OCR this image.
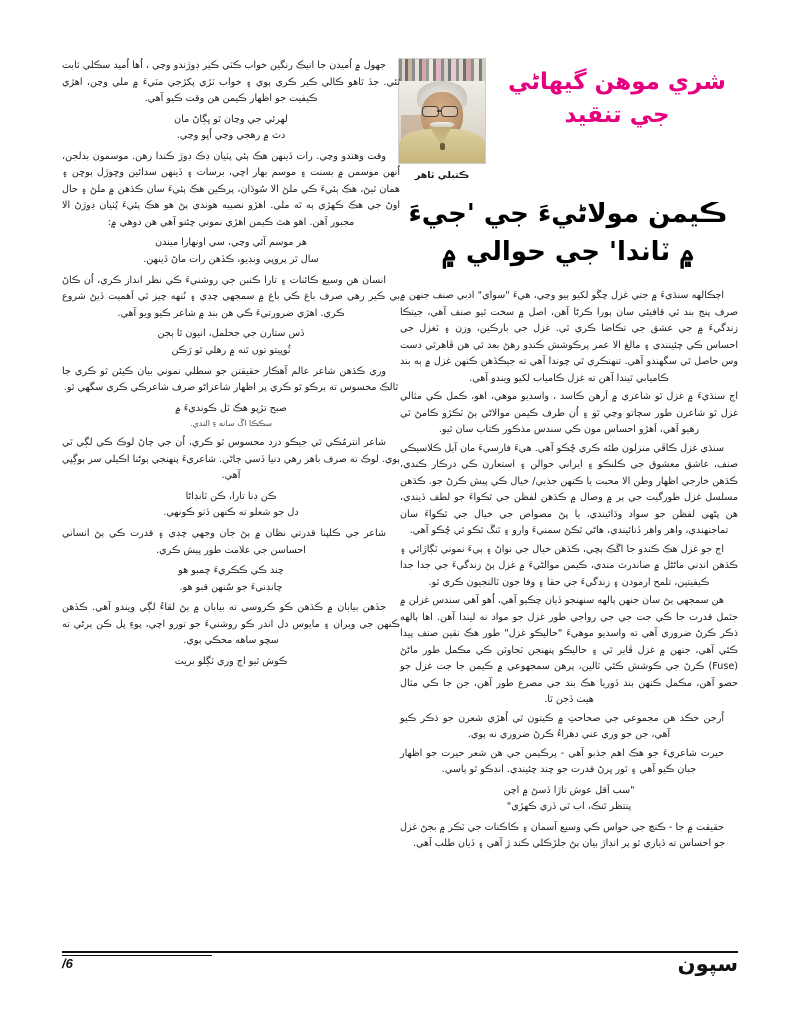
ڪتبلي ٽاهر
شري موهن گيهاڻي
جي تنقيد
ڪيمن مولاڻيءَ جي 'جيءَ
۾ ٽاندا' جي حوالي ۾

جهول ۾ اُميدن جا انيڪ رنگين خواب ڪٽي ڪير ڊوڙندو وڃي ، اُها اُميد سڪلي ثابت ٿئي. جڏ ٿاهو ڪالي ڪير ڪري ٻوي ۽ خواب ٽڙي پکڙجي مٽيءَ ۾ ملي وڃن، اهڙي ڪيفيت جو اظهار ڪيمن هن وقت ڪيو آهي.

لهرئي جي وڃان ٿو ڀڳاڻ مان
دٽ ۾ رهجي وڃي اُڀو وڃي.

وقت وهندو وڃي. رات ڏينهن هڪ ٻئي پٺيان ڊڪ ڊوڙ ڪندا رهن. موسمون بدلجن، اُنهن موسمن ۾ بسنت ۽ موسم بهار اچي، برسات ۽ ڏينهن سدائين وڇوڙل ٻوڇن ۽ همان ٿيڻ، هڪ ٻئيءَ ڪي ملڻ الا سُوڌان، پرڪين هڪ ٻئيءَ سان ڪڌهن ۾ ملڻ ۽ حال اوڻ جي هڪ ڪهڙي ٻه ٿه ملي. اهڙو نصيبه هوندي ٻڻ هو هڪ ٻئيءَ پُٺيان ڊوڙڻ الا مجبور آهن. اهو هٿ ڪيمن اهڙي نموني چئنو آهي هن دوهي ۾:

هر موسم آئي وڃي، سي اونهارا ميندن
سال ٿر پروڀي ونڊيو، ڪڏهن رات ماڻ ڏينهن.

انسان هن وسيع ڪائنات ۽ تارا ڪنبن جي روشنيءَ ڪي نظر انداز ڪري، اُن ڪاڻ بي ڪير رهي صرف باغ ڪي باغ ۾ سمجهي چڊي ۽ نُنهه چيز ٿي اَهميت ڏيڻ شروع ڪري. اهڙي ضرورتيءَ ڪي هن بند ۾ شاعر ڪيو ويو آهي.

ڏس ستارن جي جحلمل، انيون ٿا ٻجن
ٽُوڀيتو توں ٿنه ۾ رهلي ٿو رَڪن

وري ڪڌهن شاعر عالم آهڪار حقيقتن جو سطلي نموني بيان ڪيئن ٿو ڪري جا ٿالڪ محسوس ته ٻرڪو ٿو ڪري پر اظهار شاعراڻو صرف شاعرڪي ڪري سگهي ٿو.

صبح تڙپو هڪ ٽل ڪونديءَ ۾
سڪڪا اڱ سانه ءِ الندي.

شاعر انترمُڪي ٿي جيڪو درد محسوس ٿو ڪري، اُن جي ڄاڻ لوڪ ڪي لڳي ٿي ٻوي. لوڪ ته صرف باهر رهي دنيا ڏسي ڄاڻي. شاعريءَ پنهنجي ٻوڻنا اڪيلي سر ٻوڳڀي آهي.

ڪن ڊنا تارا، ڪن ٽانڊاڻا
دل جو شعلو ته ڪنهن ڏٺو ڪونهي.

شاعر جي ڪلپنا قدرتي نظان ۾ ٻڻ جان وجهي چڊي ۽ قدرت ڪي ٻڻ انساني احساسن جي علامت طور پيش ڪري.

چند ڪي ڪڪريءَ چمبو هو
چانڊنيءَ جو سُنهن قبو هو.

جڏهن بيابان ۾ ڪڌهن ڪو ڪروسي ته بيابان ۾ ٻڻ لقاءُ لڳي ويندو آهي. ڪڏهن ڪنهن جي ويران ۽ مايوس دل اندر ڪو روشنيءَ جو تورو اچي، پوءِ پل ڪن ٻرڻي ته سچو ساهه محڪي ٻوي.

ڪوش ٿيو اڄ وري ٽڳلو بريت

اڄڪالهه سنڌيءَ ۾ جتي غزل چڱو لکيو ٻيو وڃي، هيءَ "سواي" ادبي صنف جنهن ۾ صرف پنج بند ٿي قافيئي سان ٻورا ڪرڻا آهن، اصل ۾ سخت ٿيو صنف آهي، جيتڪا زندگيءَ ۾ جي عشق جي تڪاضا ڪري ٿي. غزل جي بارڪين، وزن ۽ ٽغزل جي احساس ڪي چئينندي ۽ مالغ الا عمر پرڪوشش ڪندو رهڻ بعد ٿي هن ڦاهرٿي دست وس حاصل ٿي سگهندو آهي. تنهنڪري ٿي چوندا آهي ته جيڪڏهن ڪنهن غزل ۾ ٻه بند ڪاميابي ٿيندا آهن ته غزل ڪامياب لکيو ويندو آهي.

اڄ سنڌيءَ ۾ غزل ٿو شاعري ۾ اَرهن ڪاسد ، واسديو موهي، اهو، ڪمل ڪي مثالي غزل ٿو شاعرن طور سڄاتو وڃي ٿو ۽ اُن طرف ڪيمن موالاڻي ٻڻ ٽڪڙو ڪامڻ ٿي رهيو آهي، اَهڙو احساس مون ڪي سندس مذڪور ڪتاب سان ٿيو.

سنڌي غزل ڪاڦي منزلون طئه ڪري چُڪو آهي. هيءَ فارسيءَ مان آيل ڪلاسيڪي صنف، عاشق معشوق جي ڪلنڪو ۽ ايراني حوالن ۽ استعارن ڪي درڪار ڪندي، ڪڌهن خارجي اظهار وطن الا محبت يا ڪنهن جذبي/ خيال ڪي پيش ڪرڻ جو. ڪڌهن مسلسل غزل طورگيت جي ٻر ۾ وصال ۾ ڪڌهن لفظن جي ٿڪواءَ جو لطف ڏيندي، هن پڻهي لفظن جو سواد وڌائيندي، يا پڻ مصواص جي خيال جي ٿڪواءَ سان تماجنهندي، واهر واهر ڏنائيندي، هاڻي ٿڪڻ سمنيءَ وارو ۽ ٿنڱ ٿڪو ٿي چُڪو آهي.

اڄ جو غزل هڪ ڪندو جا اڱڪ ٻچي، ڪڌهن خيال جي نواڻ ۽ ٻيءَ نموني ٽڳاڙائي ۽ ڪڌهن انڊني ماڻڻل ۾ صاندرٽ مندي، ڪيمن موالڻيءَ ۾ غزل ٻڻ زندگيءَ جي جدا جدا ڪيفيتين، تلمح ارمودن ۽ زندگيءَ جي حقا ۽ وفا جون ٽالنجيون ڪري ٿو.

هن سمجهي ٻڻ سان جنهن ٻالهه سنهنجو ڏيان چڪيو آهي، اُهو آهي سندس غزلن ۾ جٿمل قدرت جا ڪي جت جي جي رواجي طور غزل جو مواد نه ليندا آهن. اها ٻالهه ذڪر ڪرڻ ضروري آهي ته واسديو موهيءَ "حاليڪو غزل" طور هڪ نقين صنف پيدا ڪئي آهي، جنهن ۾ غزل ڦاير ٿي ۽ حاليڪو پنهنجن ٽجاوٽن ڪي مڪمل طور ماڻڻ (Fuse) ڪرڻ جي ڪوشش ڪئي ٽالين، پرهن سمجهوعي ۾ ڪيمن جا جت غزل جو حصو آهن، مڪمل ڪنهن بند ڏوريا هڪ بند جي مصرع طور آهن، جن جا ڪي مثال هيٺ ڏجن ٿا.

اُرجن حڪد هن مجموعي جي صحاحتِ ۾ ڪيتون ٿي اُهڙي شعرن جو ذڪر ڪيو آهي، جن جو وري عني دهراءُ ڪرڻ ضروري نه ٻوي.

حيرت شاعريءَ جو هڪ اهم جذبو آهي - پرڪيمن جي هن شعر حيرت جو اظهار جبان ڪيو آهي ۽ ٿور ڀرڻ قدرت جو چند چئيندي. انڊڪو ٿو ٻاسي.

"سب اَقل عوش تاڙا ڏسڻ ۾ اچن
پنتظر ٿنڪ، اب ٿي ڏري ڪهڙي"

حقيقت ۾ جا - ڪنچ جي حواس ڪي وسيع آسمان ۽ ڪاڪنات جي ٽڪر ۾ بجڻ غزل جو احساس ته ڏياري ٿو پر انڊاڙ بيان ٻڻ جلڙڪلي ڪند ڙ آهي ۽ ڏيان طلب آهي.

6/	سپون
